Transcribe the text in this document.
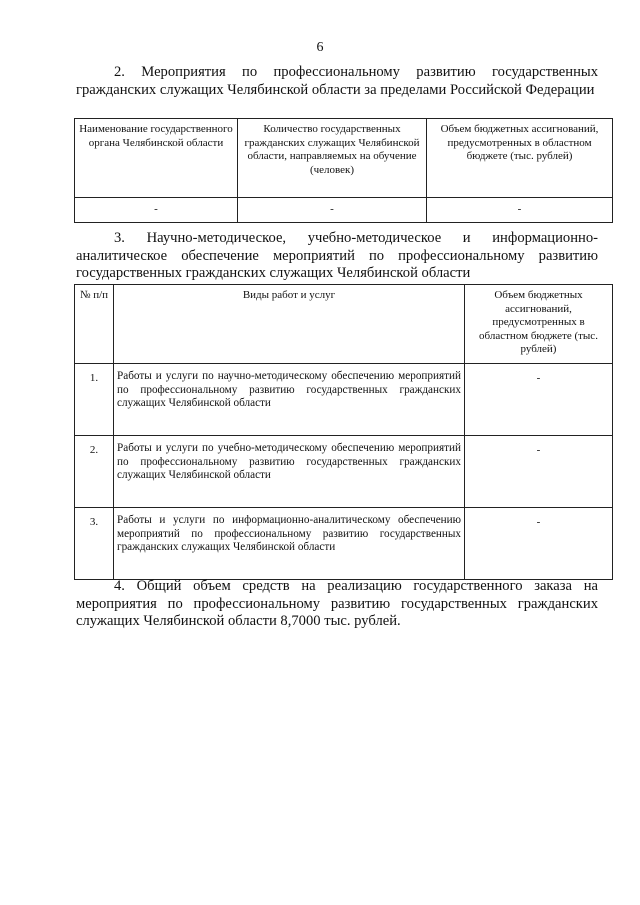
6
2. Мероприятия по профессиональному развитию государственных гражданских служащих Челябинской области за пределами Российской Федерации
Наименование государственного органа Челябинской области	Количество государственных гражданских служащих Челябинской области, направляемых на обучение (человек)	Объем бюджетных ассигнований, предусмотренных в областном бюджете (тыс. рублей)
-	-	-
3. Научно-методическое, учебно-методическое и информационно-аналитическое обеспечение мероприятий по профессиональному развитию государственных гражданских служащих Челябинской области
№ п/п	Виды работ и услуг	Объем бюджетных ассигнований, предусмотренных в областном бюджете (тыс. рублей)
1.	Работы и услуги по научно-методическому обеспечению мероприятий по профессиональному развитию государственных гражданских служащих Челябинской области	-
2.	Работы и услуги по учебно-методическому обеспечению мероприятий по профессиональному развитию государственных гражданских служащих Челябинской области	-
3.	Работы и услуги по информационно-аналитическому обеспечению мероприятий по профессиональному развитию государственных гражданских служащих Челябинской области	-
4. Общий объем средств на реализацию государственного заказа на мероприятия по профессиональному развитию государственных гражданских служащих Челябинской области 8,7000 тыс. рублей.
